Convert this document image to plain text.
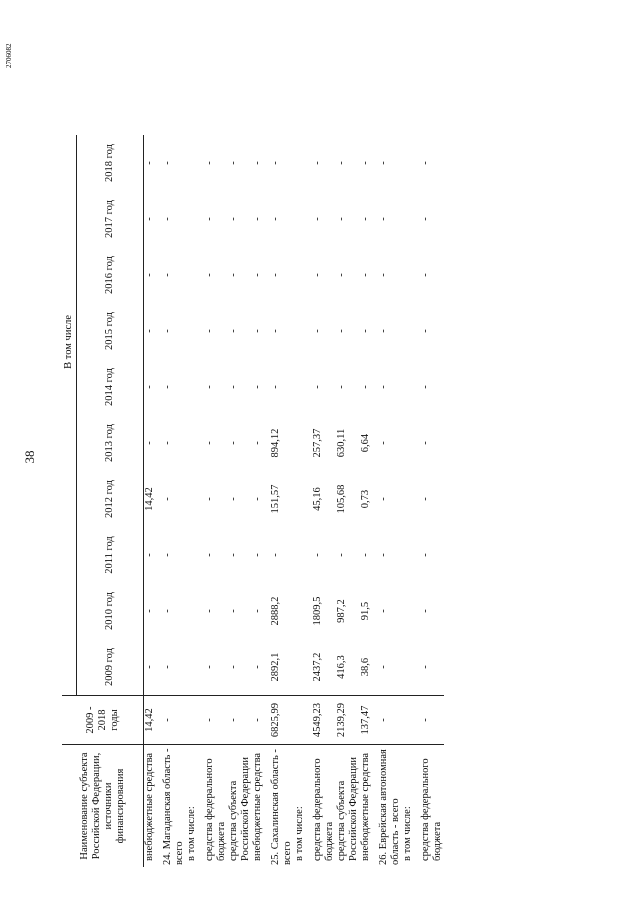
2706082
38
Наименование субъекта Российской Федерации, источники финансирования	2009 - 2018 годы	В том числе									
		2009 год	2010 год	2011 год	2012 год	2013 год	2014 год	2015 год	2016 год	2017 год	2018 год
внебюджетные средства	14,42	-	-	-	14,42	-	-	-	-	-	-
24. Магаданская область - всего	-	-	-	-	-	-	-	-	-	-	-
в том числе:											
средства федерального бюджета	-	-	-	-	-	-	-	-	-	-	-
средства субъекта Российской Федерации	-	-	-	-	-	-	-	-	-	-	-
внебюджетные средства	-	-	-	-	-	-	-	-	-	-	-
25. Сахалинская область - всего	6825,99	2892,1	2888,2	-	151,57	894,12	-	-	-	-	-
в том числе:											
средства федерального бюджета	4549,23	2437,2	1809,5	-	45,16	257,37	-	-	-	-	-
средства субъекта Российской Федерации	2139,29	416,3	987,2	-	105,68	630,11	-	-	-	-	-
внебюджетные средства	137,47	38,6	91,5	-	0,73	6,64	-	-	-	-	-
26. Еврейская автономная область - всего	-	-	-	-	-	-	-	-	-	-	-
в том числе:											
средства федерального бюджета	-	-	-	-	-	-	-	-	-	-	-
